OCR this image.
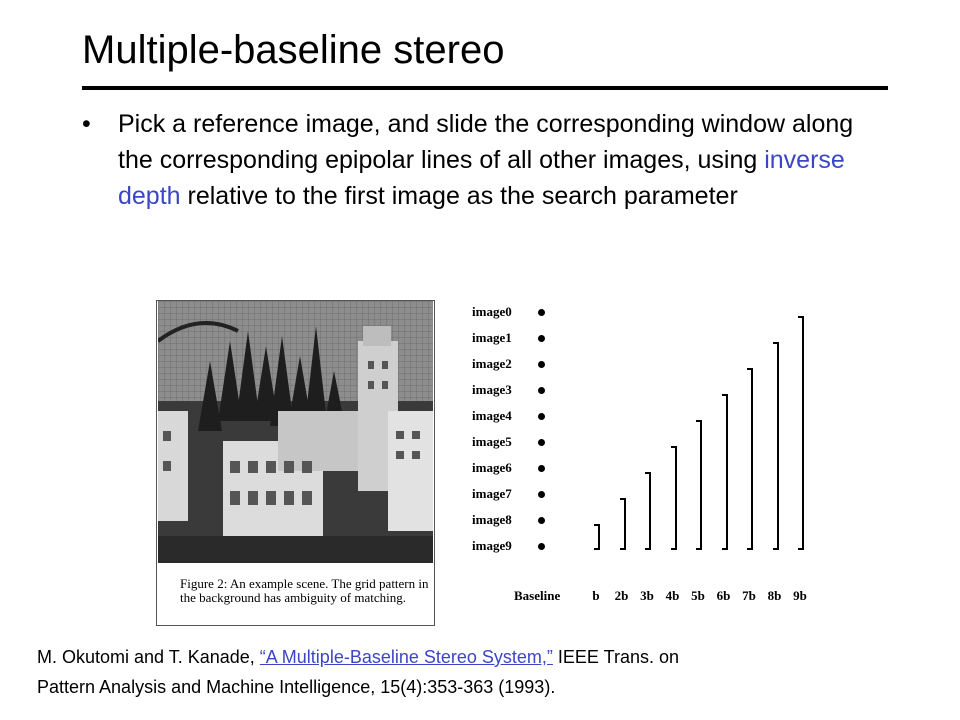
Multiple-baseline stereo
• Pick a reference image, and slide the corresponding window along the corresponding epipolar lines of all other images, using inverse depth relative to the first image as the search parameter
Figure 2: An example scene. The grid pattern in the background has ambiguity of matching.
image0
image1
image2
image3
image4
image5
image6
image7
image8
image9
Baseline	b	2b 3b 4b 5b 6b 7b 8b 9b
M. Okutomi and T. Kanade, “A Multiple-Baseline Stereo System,” IEEE Trans. on
Pattern Analysis and Machine Intelligence, 15(4):353-363 (1993).
